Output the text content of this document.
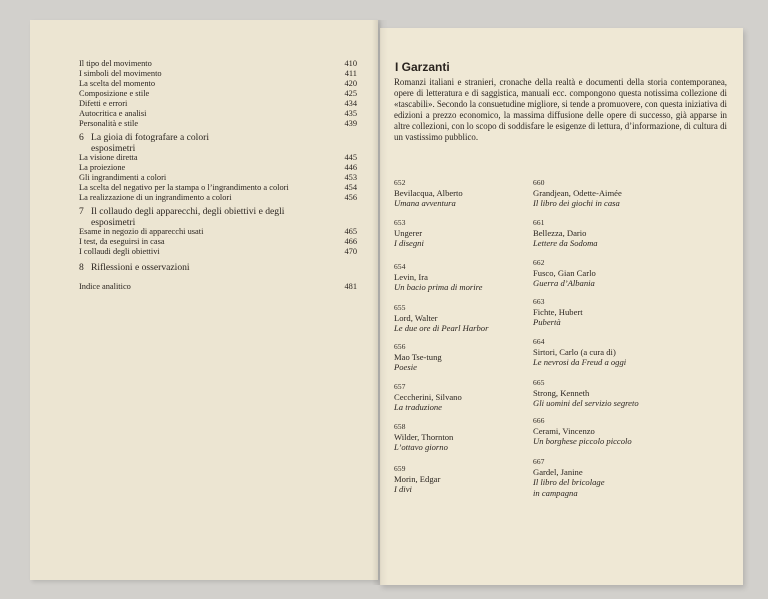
Il tipo del movimento	410
I simboli del movimento	411
La scelta del momento	420
Composizione e stile	425
Difetti e errori	434
Autocritica e analisi	435
Personalità e stile	439
6 La gioia di fotografare a colori
esposimetri
La visione diretta	445
La proiezione	446
Gli ingrandimenti a colori	453
La scelta del negativo per la stampa o l’ingrandimento a colori	454
La realizzazione di un ingrandimento a colori	456
7 Il collaudo degli apparecchi, degli obiettivi e degli
esposimetri
Esame in negozio di apparecchi usati	465
I test, da eseguirsi in casa	466
I collaudi degli obiettivi	470
8 Riflessioni e osservazioni
Indice analitico	481
I Garzanti
Romanzi italiani e stranieri, cronache della realtà e documenti della storia contemporanea, opere di letteratura e di saggistica, manuali ecc. compongono questa notissima collezione di «tascabili». Secondo la consuetudine migliore, si tende a promuovere, con questa iniziativa di edizioni a prezzo economico, la massima diffusione delle opere di successo, già apparse in altre collezioni, con lo scopo di soddisfare le esigenze di lettura, d’informazione, di cultura di un vastissimo pubblico.
652
Bevilacqua, Alberto
Umana avventura
653
Ungerer
I disegni
654
Levin, Ira
Un bacio prima di morire
655
Lord, Walter
Le due ore di Pearl Harbor
656
Mao Tse-tung
Poesie
657
Ceccherini, Silvano
La traduzione
658
Wilder, Thornton
L’ottavo giorno
659
Morin, Edgar
I divi
660
Grandjean, Odette-Aimée
Il libro dei giochi in casa
661
Bellezza, Dario
Lettere da Sodoma
662
Fusco, Gian Carlo
Guerra d’Albania
663
Fichte, Hubert
Pubertà
664
Sirtori, Carlo (a cura di)
Le nevrosi da Freud a oggi
665
Strong, Kenneth
Gli uomini del servizio segreto
666
Cerami, Vincenzo
Un borghese piccolo piccolo
667
Gardel, Janine
Il libro del bricolage
in campagna
